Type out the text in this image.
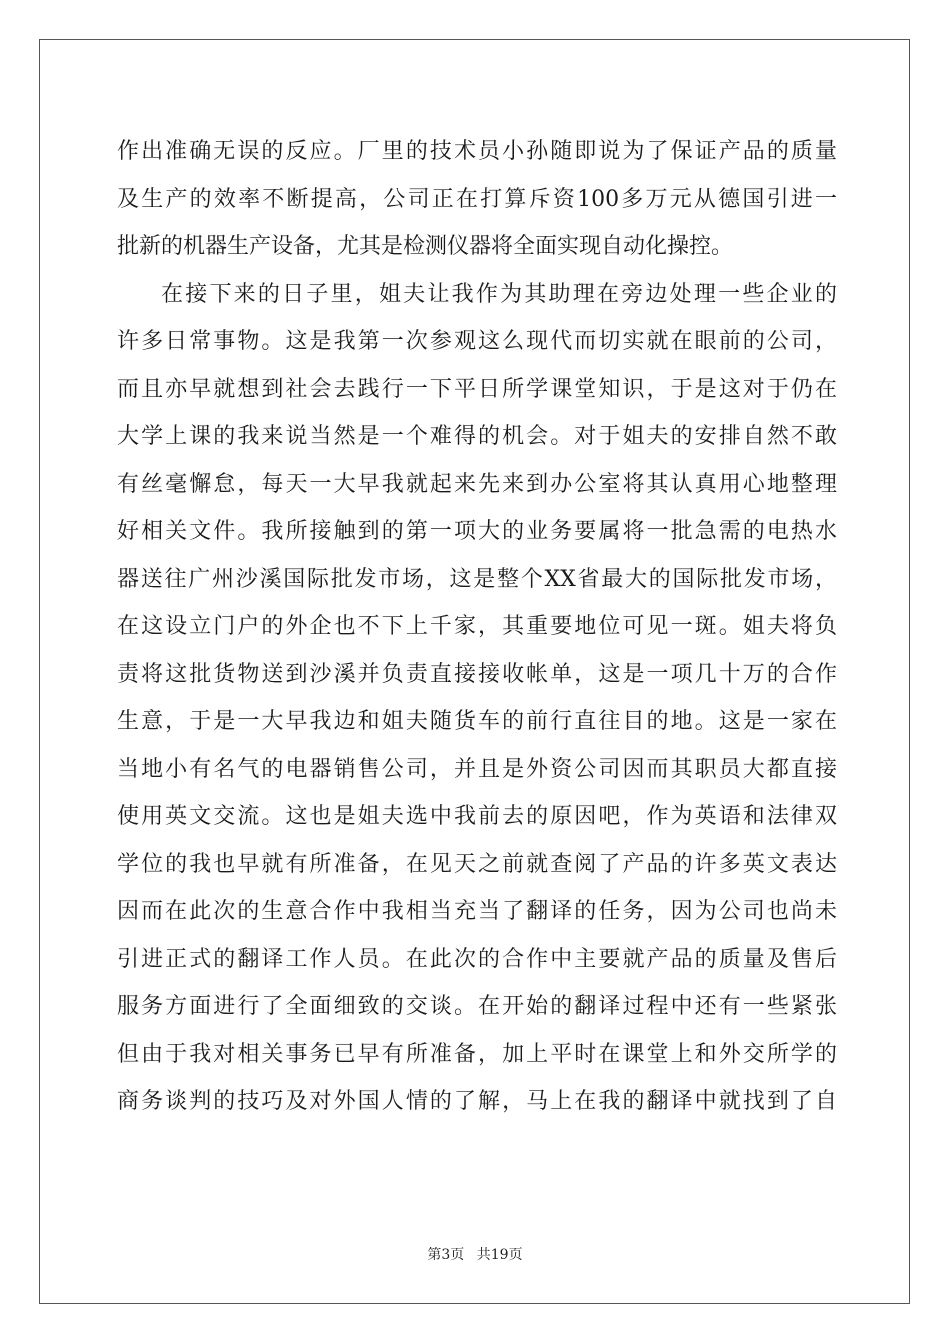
作出准确无误的反应。厂里的技术员小孙随即说为了保证产品的质量
及生产的效率不断提高，公司正在打算斥资100多万元从德国引进一
批新的机器生产设备，尤其是检测仪器将全面实现自动化操控。
在接下来的日子里，姐夫让我作为其助理在旁边处理一些企业的
许多日常事物。这是我第一次参观这么现代而切实就在眼前的公司，
而且亦早就想到社会去践行一下平日所学课堂知识，于是这对于仍在
大学上课的我来说当然是一个难得的机会。对于姐夫的安排自然不敢
有丝毫懈怠，每天一大早我就起来先来到办公室将其认真用心地整理
好相关文件。我所接触到的第一项大的业务要属将一批急需的电热水
器送往广州沙溪国际批发市场，这是整个XX省最大的国际批发市场，
在这设立门户的外企也不下上千家，其重要地位可见一斑。姐夫将负
责将这批货物送到沙溪并负责直接接收帐单，这是一项几十万的合作
生意，于是一大早我边和姐夫随货车的前行直往目的地。这是一家在
当地小有名气的电器销售公司，并且是外资公司因而其职员大都直接
使用英文交流。这也是姐夫选中我前去的原因吧，作为英语和法律双
学位的我也早就有所准备，在见天之前就查阅了产品的许多英文表达
因而在此次的生意合作中我相当充当了翻译的任务，因为公司也尚未
引进正式的翻译工作人员。在此次的合作中主要就产品的质量及售后
服务方面进行了全面细致的交谈。在开始的翻译过程中还有一些紧张
但由于我对相关事务已早有所准备，加上平时在课堂上和外交所学的
商务谈判的技巧及对外国人情的了解，马上在我的翻译中就找到了自
第3页 共19页
